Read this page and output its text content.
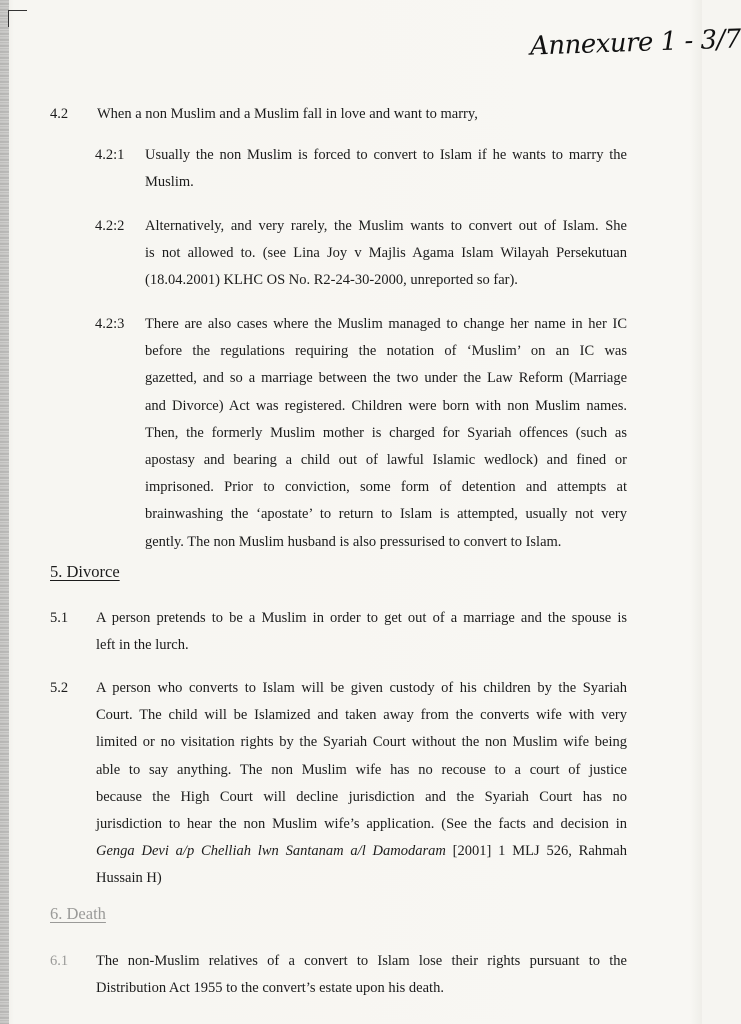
Annexure 1 - 3/7
4.2 When a non Muslim and a Muslim fall in love and want to marry,
4.2:1 Usually the non Muslim is forced to convert to Islam if he wants to marry the
Muslim.
4.2:2 Alternatively, and very rarely, the Muslim wants to convert out of Islam. She
is not allowed to. (see Lina Joy v Majlis Agama Islam Wilayah Persekutuan
(18.04.2001) KLHC OS No. R2-24-30-2000, unreported so far).
4.2:3 There are also cases where the Muslim managed to change her name in her IC
before the regulations requiring the notation of ‘Muslim’ on an IC was
gazetted, and so a marriage between the two under the Law Reform (Marriage
and Divorce) Act was registered. Children were born with non Muslim names.
Then, the formerly Muslim mother is charged for Syariah offences (such as
apostasy and bearing a child out of lawful Islamic wedlock) and fined or
imprisoned. Prior to conviction, some form of detention and attempts at
brainwashing the ‘apostate’ to return to Islam is attempted, usually not very
gently. The non Muslim husband is also pressurised to convert to Islam.
5. Divorce
5.1 A person pretends to be a Muslim in order to get out of a marriage and the spouse is
left in the lurch.
5.2 A person who converts to Islam will be given custody of his children by the Syariah
Court. The child will be Islamized and taken away from the converts wife with very
limited or no visitation rights by the Syariah Court without the non Muslim wife being
able to say anything. The non Muslim wife has no recouse to a court of justice
because the High Court will decline jurisdiction and the Syariah Court has no
jurisdiction to hear the non Muslim wife’s application. (See the facts and decision in
Genga Devi a/p Chelliah lwn Santanam a/l Damodaram [2001] 1 MLJ 526, Rahmah
Hussain H)
6. Death
6.1 The non-Muslim relatives of a convert to Islam lose their rights pursuant to the
Distribution Act 1955 to the convert’s estate upon his death.
